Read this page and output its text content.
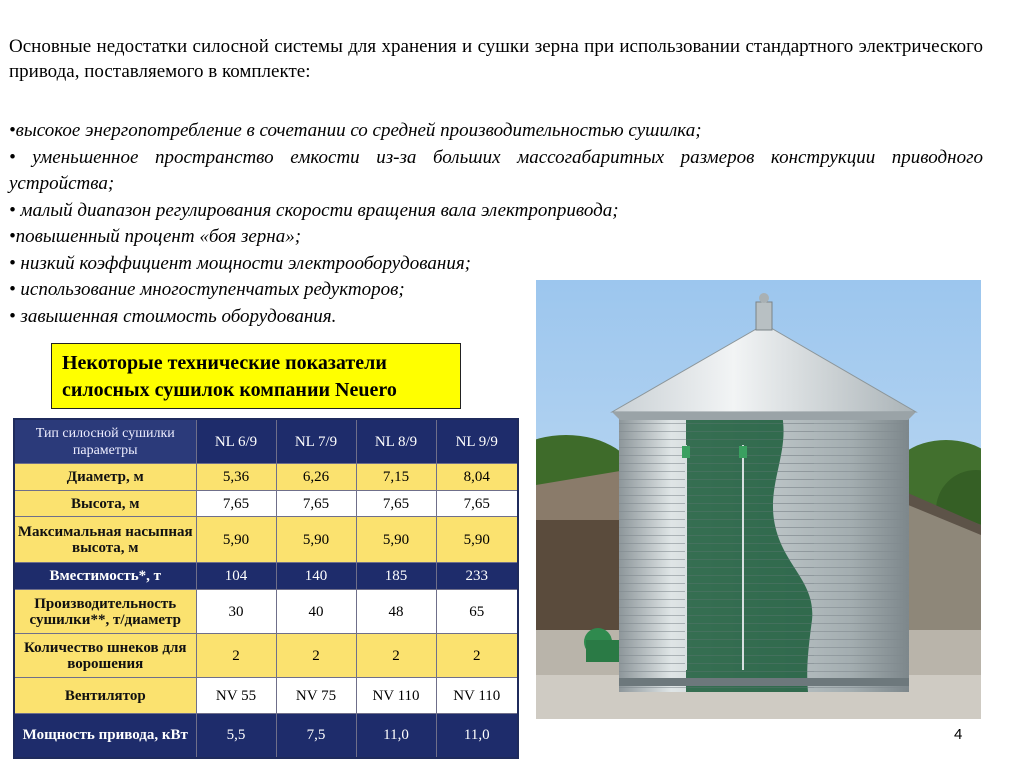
Основные недостатки силосной системы для хранения и сушки зерна при использовании стандартного электрического привода, поставляемого в комплекте:

•высокое энергопотребление в сочетании со средней производительностью сушилка;
• уменьшенное пространство емкости из-за больших массогабаритных размеров конструкции приводного устройства;
• малый диапазон регулирования скорости вращения вала электропривода;
•повышенный процент «боя зерна»;
• низкий коэффициент мощности электрооборудования;
• использование многоступенчатых редукторов;
• завышенная стоимость оборудования.
Некоторые технические показатели
силосных сушилок компании Neuero
Тип силосной сушилки параметры	NL 6/9	NL 7/9	NL 8/9	NL 9/9
Диаметр, м	5,36	6,26	7,15	8,04
Высота, м	7,65	7,65	7,65	7,65
Максимальная насыпная высота, м	5,90	5,90	5,90	5,90
Вместимость*, т	104	140	185	233
Производительность сушилки**, т/диаметр	30	40	48	65
Количество шнеков для ворошения	2	2	2	2
Вентилятор	NV 55	NV 75	NV 110	NV 110
Мощность привода, кВт	5,5	7,5	11,0	11,0	4
